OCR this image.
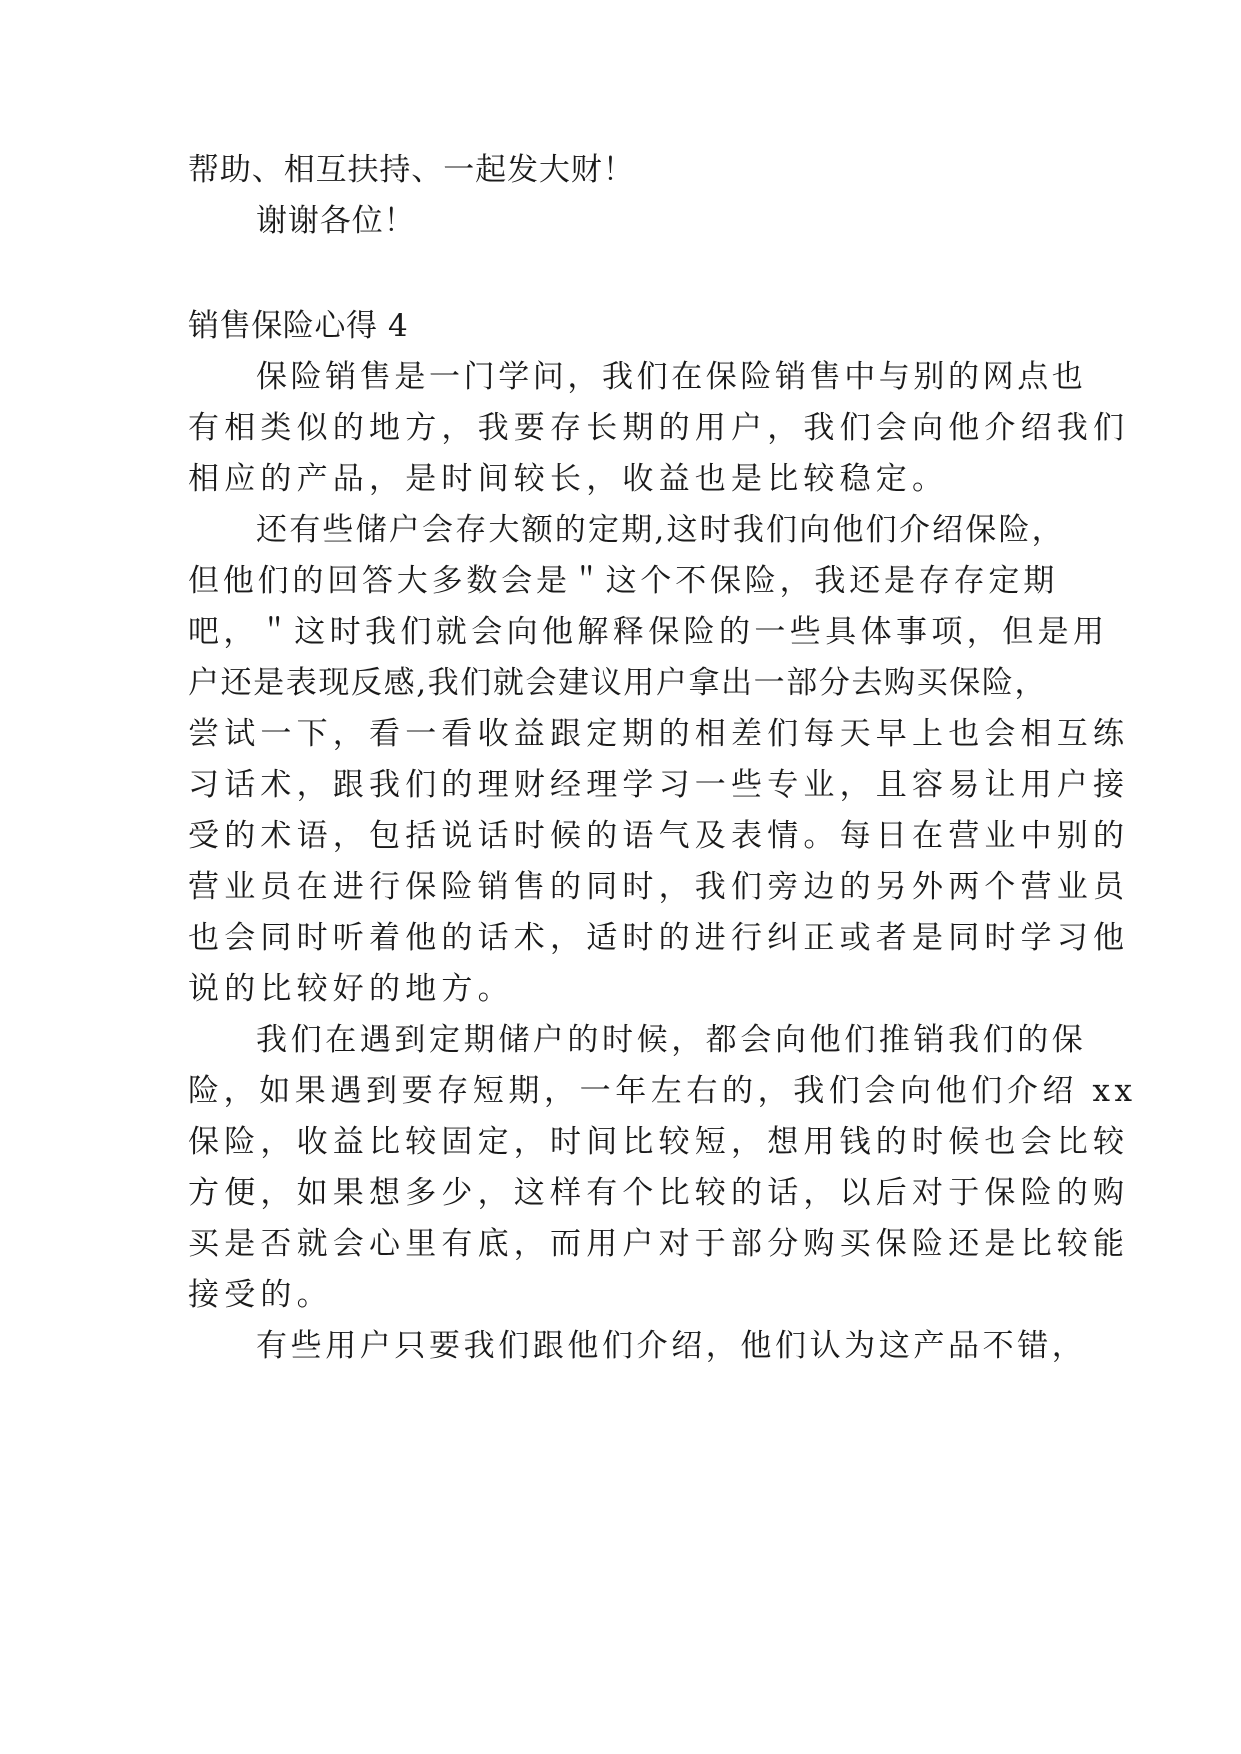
帮助、相互扶持、一起发大财！
谢谢各位！
销售保险心得 4
保险销售是一门学问，我们在保险销售中与别的网点也
有相类似的地方，我要存长期的用户，我们会向他介绍我们
相应的产品，是时间较长，收益也是比较稳定。
还有些储户会存大额的定期,这时我们向他们介绍保险，
但他们的回答大多数会是＂这个不保险，我还是存存定期
吧，＂这时我们就会向他解释保险的一些具体事项，但是用
户还是表现反感,我们就会建议用户拿出一部分去购买保险，
尝试一下，看一看收益跟定期的相差们每天早上也会相互练
习话术，跟我们的理财经理学习一些专业，且容易让用户接
受的术语，包括说话时候的语气及表情。每日在营业中别的
营业员在进行保险销售的同时，我们旁边的另外两个营业员
也会同时听着他的话术，适时的进行纠正或者是同时学习他
说的比较好的地方。
我们在遇到定期储户的时候，都会向他们推销我们的保
险，如果遇到要存短期，一年左右的，我们会向他们介绍 xx
保险，收益比较固定，时间比较短，想用钱的时候也会比较
方便，如果想多少，这样有个比较的话，以后对于保险的购
买是否就会心里有底，而用户对于部分购买保险还是比较能
接受的。
有些用户只要我们跟他们介绍，他们认为这产品不错，
